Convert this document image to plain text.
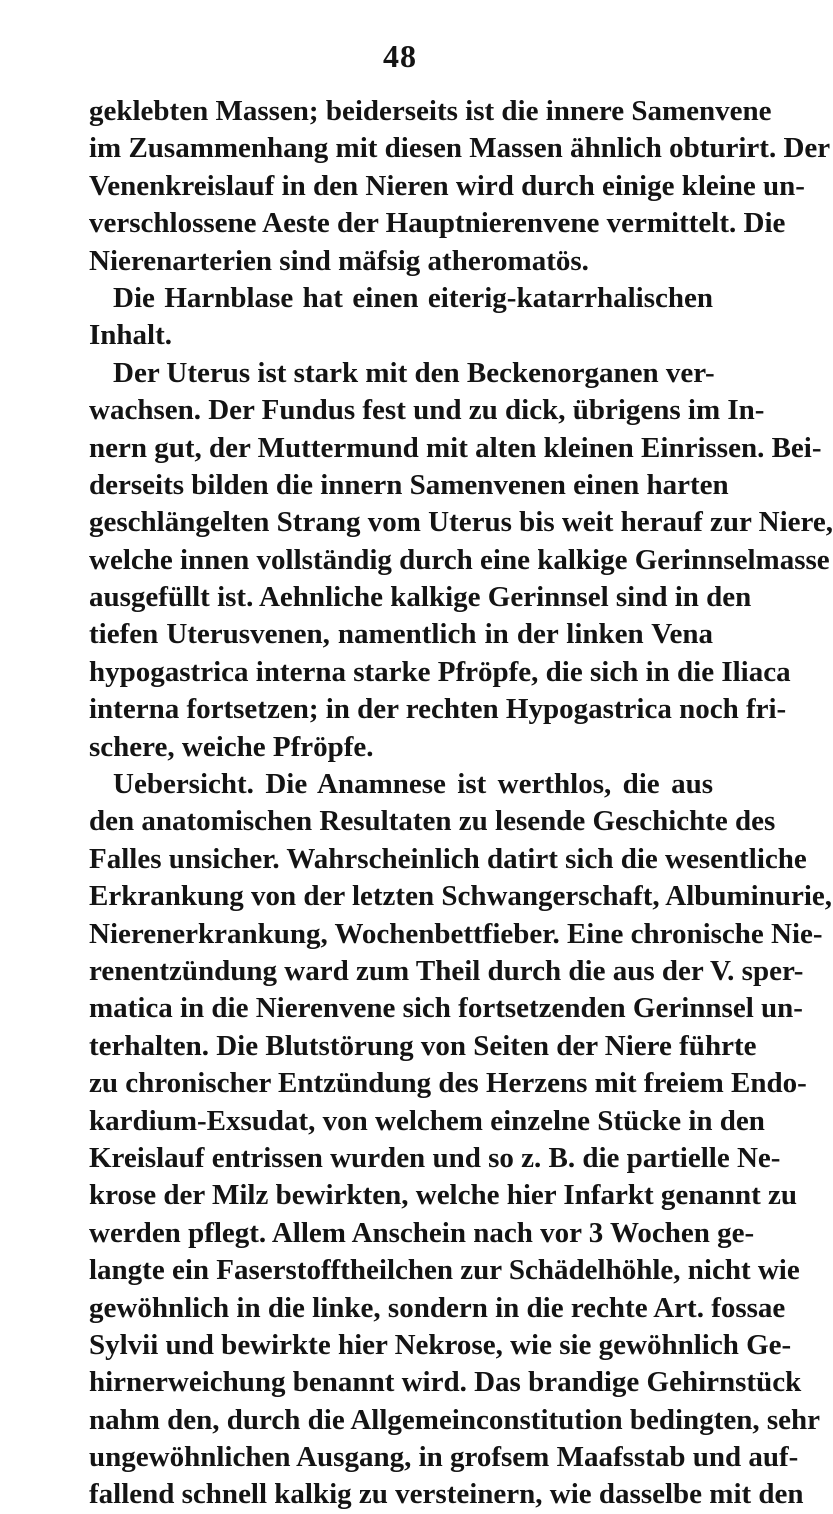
48
geklebten Massen; beiderseits ist die innere Samenvene
im Zusammenhang mit diesen Massen ähnlich obturirt. Der
Venenkreislauf in den Nieren wird durch einige kleine un-
verschlossene Aeste der Hauptnierenvene vermittelt. Die
Nierenarterien sind mäfsig atheromatös.
Die Harnblase hat einen eiterig-katarrhalischen
Inhalt.
Der Uterus ist stark mit den Beckenorganen ver-
wachsen. Der Fundus fest und zu dick, übrigens im In-
nern gut, der Muttermund mit alten kleinen Einrissen. Bei-
derseits bilden die innern Samenvenen einen harten
geschlängelten Strang vom Uterus bis weit herauf zur Niere,
welche innen vollständig durch eine kalkige Gerinnselmasse
ausgefüllt ist. Aehnliche kalkige Gerinnsel sind in den
tiefen Uterusvenen, namentlich in der linken Vena
hypogastrica interna starke Pfröpfe, die sich in die Iliaca
interna fortsetzen; in der rechten Hypogastrica noch fri-
schere, weiche Pfröpfe.
Uebersicht. Die Anamnese ist werthlos, die aus
den anatomischen Resultaten zu lesende Geschichte des
Falles unsicher. Wahrscheinlich datirt sich die wesentliche
Erkrankung von der letzten Schwangerschaft, Albuminurie,
Nierenerkrankung, Wochenbettfieber. Eine chronische Nie-
renentzündung ward zum Theil durch die aus der V. sper-
matica in die Nierenvene sich fortsetzenden Gerinnsel un-
terhalten. Die Blutstörung von Seiten der Niere führte
zu chronischer Entzündung des Herzens mit freiem Endo-
kardium-Exsudat, von welchem einzelne Stücke in den
Kreislauf entrissen wurden und so z. B. die partielle Ne-
krose der Milz bewirkten, welche hier Infarkt genannt zu
werden pflegt. Allem Anschein nach vor 3 Wochen ge-
langte ein Faserstofftheilchen zur Schädelhöhle, nicht wie
gewöhnlich in die linke, sondern in die rechte Art. fossae
Sylvii und bewirkte hier Nekrose, wie sie gewöhnlich Ge-
hirnerweichung benannt wird. Das brandige Gehirnstück
nahm den, durch die Allgemeinconstitution bedingten, sehr
ungewöhnlichen Ausgang, in grofsem Maafsstab und auf-
fallend schnell kalkig zu versteinern, wie dasselbe mit den
